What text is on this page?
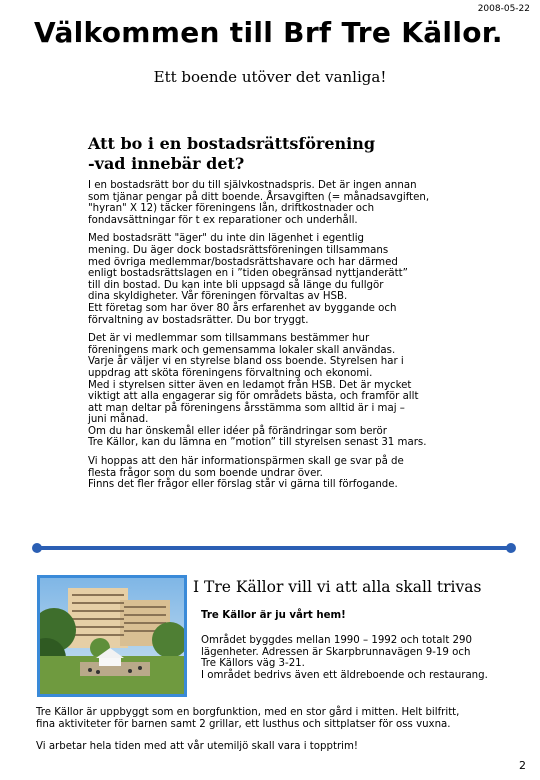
2008-05-22
Välkommen till Brf Tre Källor.
Ett boende utöver det vanliga!
Att bo i en bostadsrättsförening
-vad innebär det?

I en bostadsrätt bor du till självkostnadspris. Det är ingen annan
som tjänar pengar på ditt boende. Årsavgiften (= månadsavgiften,
"hyran" X 12) täcker föreningens lån, driftkostnader och
fondavsättningar för t ex reparationer och underhåll.

Med bostadsrätt "äger" du inte din lägenhet i egentlig
mening. Du äger dock bostadsrättsföreningen tillsammans
med övriga medlemmar/bostadsrättshavare och har därmed
enligt bostadsrättslagen en i ”tiden obegränsad nyttjanderätt”
till din bostad. Du kan inte bli uppsagd så länge du fullgör
dina skyldigheter. Vår föreningen förvaltas av HSB.
Ett företag som har över 80 års erfarenhet av byggande och
förvaltning av bostadsrätter. Du bor tryggt.

Det är vi medlemmar som tillsammans bestämmer hur
föreningens mark och gemensamma lokaler skall användas.
Varje år väljer vi en styrelse bland oss boende. Styrelsen har i
uppdrag att sköta föreningens förvaltning och ekonomi.
Med i styrelsen sitter även en ledamot från HSB. Det är mycket
viktigt att alla engagerar sig för områdets bästa, och framför allt
att man deltar på föreningens årsstämma som alltid är i maj –
juni månad.
Om du har önskemål eller idéer på förändringar som berör
Tre Källor, kan du lämna en ”motion” till styrelsen senast 31 mars.

Vi hoppas att den här informationspärmen skall ge svar på de
flesta frågor som du som boende undrar över.
Finns det fler frågor eller förslag står vi gärna till förfogande.

I Tre Källor vill vi att alla skall trivas
Tre Källor är ju vårt hem!

Området byggdes mellan 1990 – 1992 och totalt 290
lägenheter. Adressen är Skarpbrunnavägen 9-19 och
Tre Källors väg 3-21.
I området bedrivs även ett äldreboende och restaurang.

Tre Källor är uppbyggt som en borgfunktion, med en stor gård i mitten. Helt bilfritt,
fina aktiviteter för barnen samt 2 grillar, ett lusthus och sittplatser för oss vuxna.

Vi arbetar hela tiden med att vår utemiljö skall vara i topptrim!

2
